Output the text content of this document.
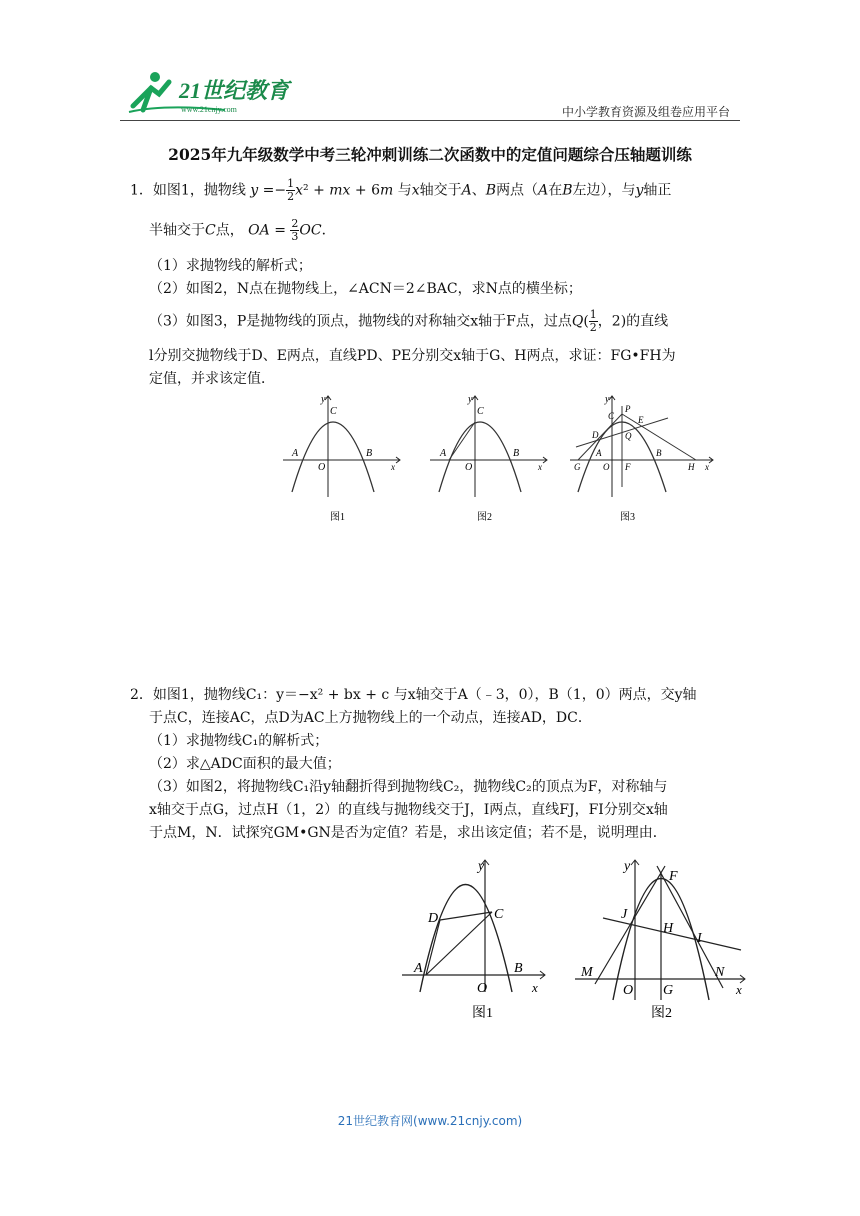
21世纪教育
www.21cnjy.com	中小学教育资源及组卷应用平台
2025年九年级数学中考三轮冲刺训练二次函数中的定值问题综合压轴题训练
1．如图1，抛物线 $y =- \frac{1}{2} x^2$ + mx + 6m 与x轴交于A、B两点（A在B左边），与y轴正
半轴交于C点， OA = $\frac{2}{3}$ OC．
（1）求抛物线的解析式；
（2）如图2，N点在抛物线上，∠ACN＝2∠BAC，求N点的横坐标；
（3）如图3，P是抛物线的顶点，抛物线的对称轴交x轴于F点，过点$Q( \frac{1}{2}$ ，2)的直线
l分别交抛物线于D、E两点，直线PD、PE分别交x轴于G、H两点，求证：FG•FH为
定值，并求该定值．
y
C
A
O
B
x
图1
y
C
A
O
B
x
图2
y
C
P
E
D	Q
A
G	O F
B
H x
图3
2．如图1，抛物线C₁：y＝−x² + bx + c 与x轴交于A（﹣3，0），B（1，0）两点，交y轴
于点C，连接AC，点D为AC上方抛物线上的一个动点，连接AD，DC．
（1）求抛物线C₁的解析式；
（2）求△ADC面积的最大值；
（3）如图2，将抛物线C₁沿y轴翻折得到抛物线C₂，抛物线C₂的顶点为F，对称轴与
x轴交于点G，过点H（1，2）的直线与抛物线交于J，I两点，直线FJ，FI分别交x轴
于点M，N．试探究GM•GN是否为定值？若是，求出该定值；若不是，说明理由．
y
D	C
A
O
B
x
图1
y
F
J
H
I
M	N
O G	x
图2
21世纪教育网(www.21cnjy.com)
